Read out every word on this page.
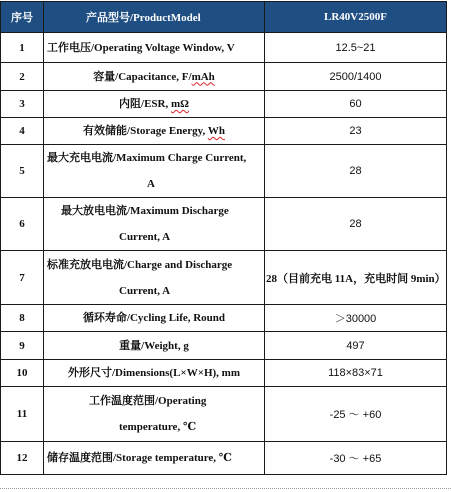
序号	产品型号/ProductModel	LR40V2500F
1	工作电压/Operating Voltage Window, V	12.5~21
2	容量/Capacitance, F/mAh	2500/1400
3	内阻/ESR, mΩ	60
4	有效储能/Storage Energy, Wh	23
5	最大充电电流/Maximum Charge Current,
A	28
6	最大放电电流/Maximum Discharge
Current, A	28
7	标准充放电电流/Charge and Discharge
Current, A	28（目前充电 11A，充电时间 9min）
8	循环寿命/Cycling Life, Round	＞30000
9	重量/Weight, g	497
10	外形尺寸/Dimensions(L×W×H), mm	118×83×71
11	工作温度范围/Operating
temperature, ℃	-25 ～ +60
12	储存温度范围/Storage temperature, ℃	-30 ～ +65
